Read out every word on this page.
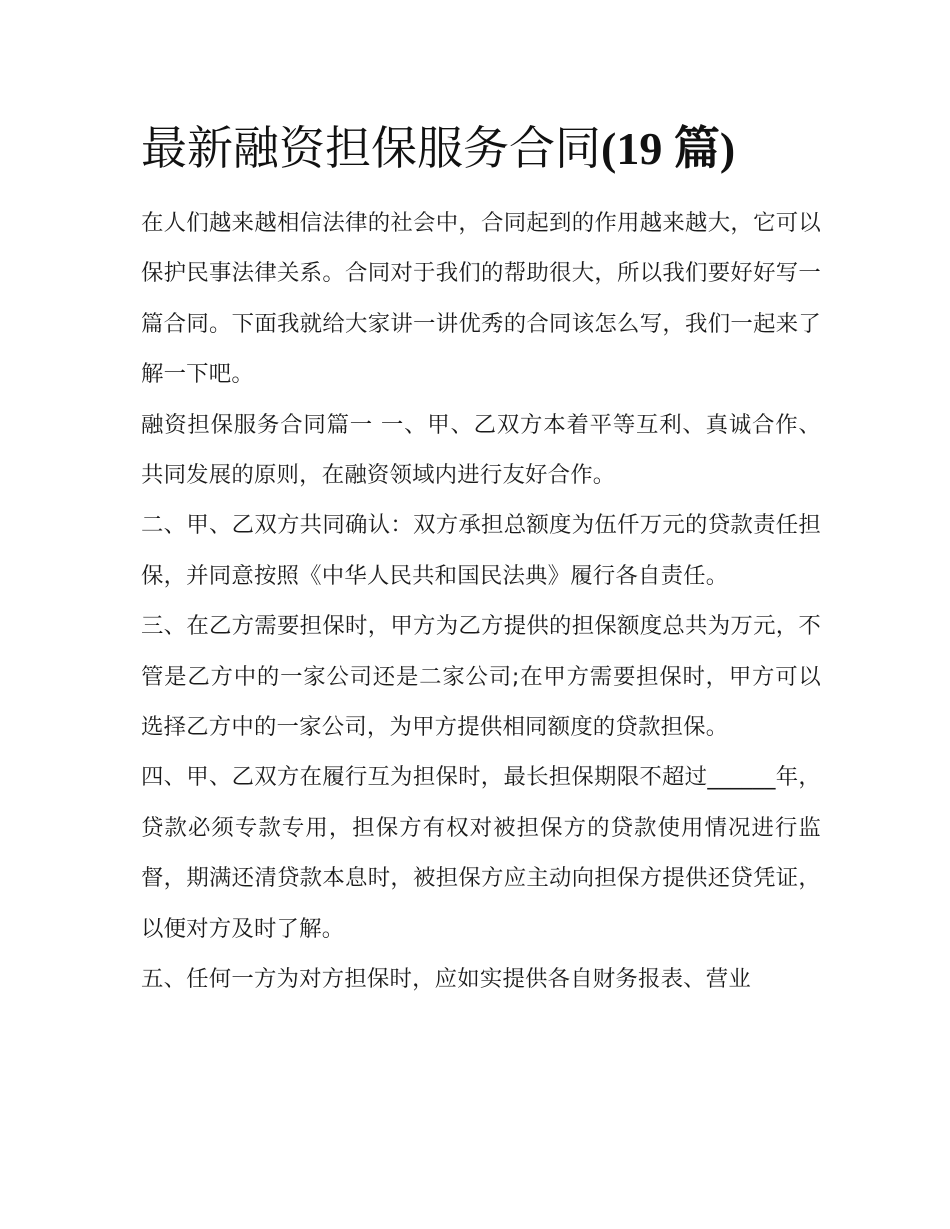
最新融资担保服务合同(19 篇)

在人们越来越相信法律的社会中，合同起到的作用越来越大，它可以保护民事法律关系。合同对于我们的帮助很大，所以我们要好好写一篇合同。下面我就给大家讲一讲优秀的合同该怎么写，我们一起来了解一下吧。

融资担保服务合同篇一 一、甲、乙双方本着平等互利、真诚合作、共同发展的原则，在融资领域内进行友好合作。

二、甲、乙双方共同确认：双方承担总额度为伍仟万元的贷款责任担保，并同意按照《中华人民共和国民法典》履行各自责任。

三、在乙方需要担保时，甲方为乙方提供的担保额度总共为万元，不管是乙方中的一家公司还是二家公司;在甲方需要担保时，甲方可以选择乙方中的一家公司，为甲方提供相同额度的贷款担保。

四、甲、乙双方在履行互为担保时，最长担保期限不超过______年，贷款必须专款专用，担保方有权对被担保方的贷款使用情况进行监督，期满还清贷款本息时，被担保方应主动向担保方提供还贷凭证，以便对方及时了解。

五、任何一方为对方担保时，应如实提供各自财务报表、营业
